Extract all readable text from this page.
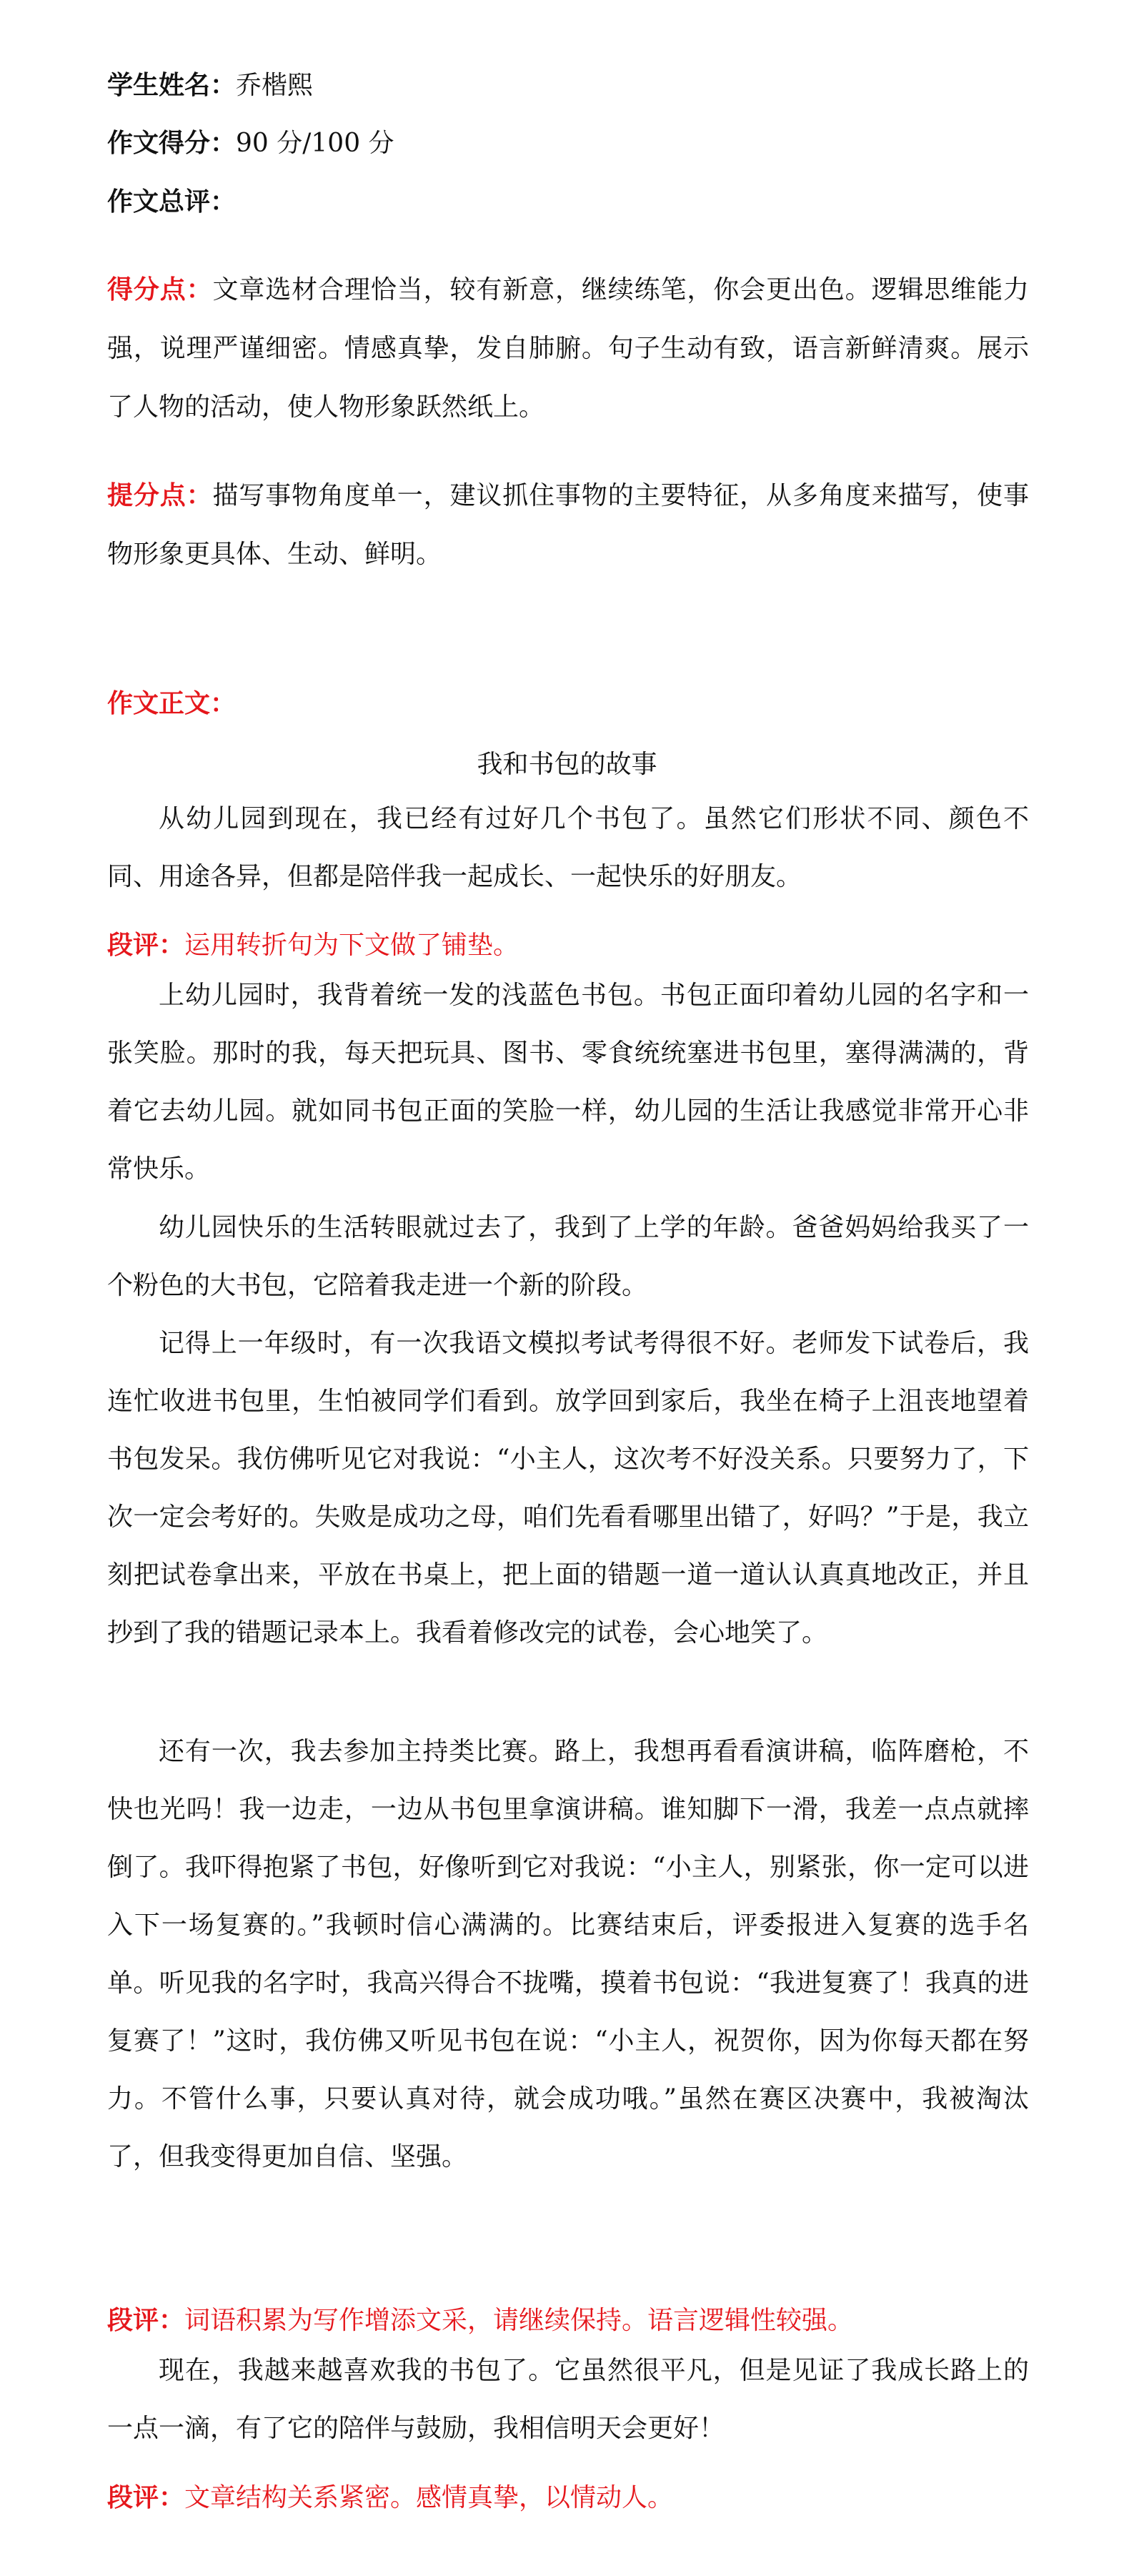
学生姓名：乔楷熙
作文得分：90 分/100 分
作文总评：
得分点：文章选材合理恰当，较有新意，继续练笔，你会更出色。逻辑思维能力强，说理严谨细密。情感真挚，发自肺腑。句子生动有致，语言新鲜清爽。展示了人物的活动，使人物形象跃然纸上。
提分点：描写事物角度单一，建议抓住事物的主要特征，从多角度来描写，使事物形象更具体、生动、鲜明。
作文正文：
我和书包的故事
从幼儿园到现在，我已经有过好几个书包了。虽然它们形状不同、颜色不同、用途各异，但都是陪伴我一起成长、一起快乐的好朋友。
段评：运用转折句为下文做了铺垫。
上幼儿园时，我背着统一发的浅蓝色书包。书包正面印着幼儿园的名字和一张笑脸。那时的我，每天把玩具、图书、零食统统塞进书包里，塞得满满的，背着它去幼儿园。就如同书包正面的笑脸一样，幼儿园的生活让我感觉非常开心非常快乐。
幼儿园快乐的生活转眼就过去了，我到了上学的年龄。爸爸妈妈给我买了一个粉色的大书包，它陪着我走进一个新的阶段。
记得上一年级时，有一次我语文模拟考试考得很不好。老师发下试卷后，我连忙收进书包里，生怕被同学们看到。放学回到家后，我坐在椅子上沮丧地望着书包发呆。我仿佛听见它对我说：“小主人，这次考不好没关系。只要努力了，下次一定会考好的。失败是成功之母，咱们先看看哪里出错了，好吗？”于是，我立刻把试卷拿出来，平放在书桌上，把上面的错题一道一道认认真真地改正，并且抄到了我的错题记录本上。我看着修改完的试卷，会心地笑了。
还有一次，我去参加主持类比赛。路上，我想再看看演讲稿，临阵磨枪，不快也光吗！我一边走，一边从书包里拿演讲稿。谁知脚下一滑，我差一点点就摔倒了。我吓得抱紧了书包，好像听到它对我说：“小主人，别紧张，你一定可以进入下一场复赛的。”我顿时信心满满的。比赛结束后，评委报进入复赛的选手名单。听见我的名字时，我高兴得合不拢嘴，摸着书包说：“我进复赛了！我真的进复赛了！”这时，我仿佛又听见书包在说：“小主人，祝贺你，因为你每天都在努力。不管什么事，只要认真对待，就会成功哦。”虽然在赛区决赛中，我被淘汰了，但我变得更加自信、坚强。
段评：词语积累为写作增添文采，请继续保持。语言逻辑性较强。
现在，我越来越喜欢我的书包了。它虽然很平凡，但是见证了我成长路上的一点一滴，有了它的陪伴与鼓励，我相信明天会更好！
段评：文章结构关系紧密。感情真挚，以情动人。
